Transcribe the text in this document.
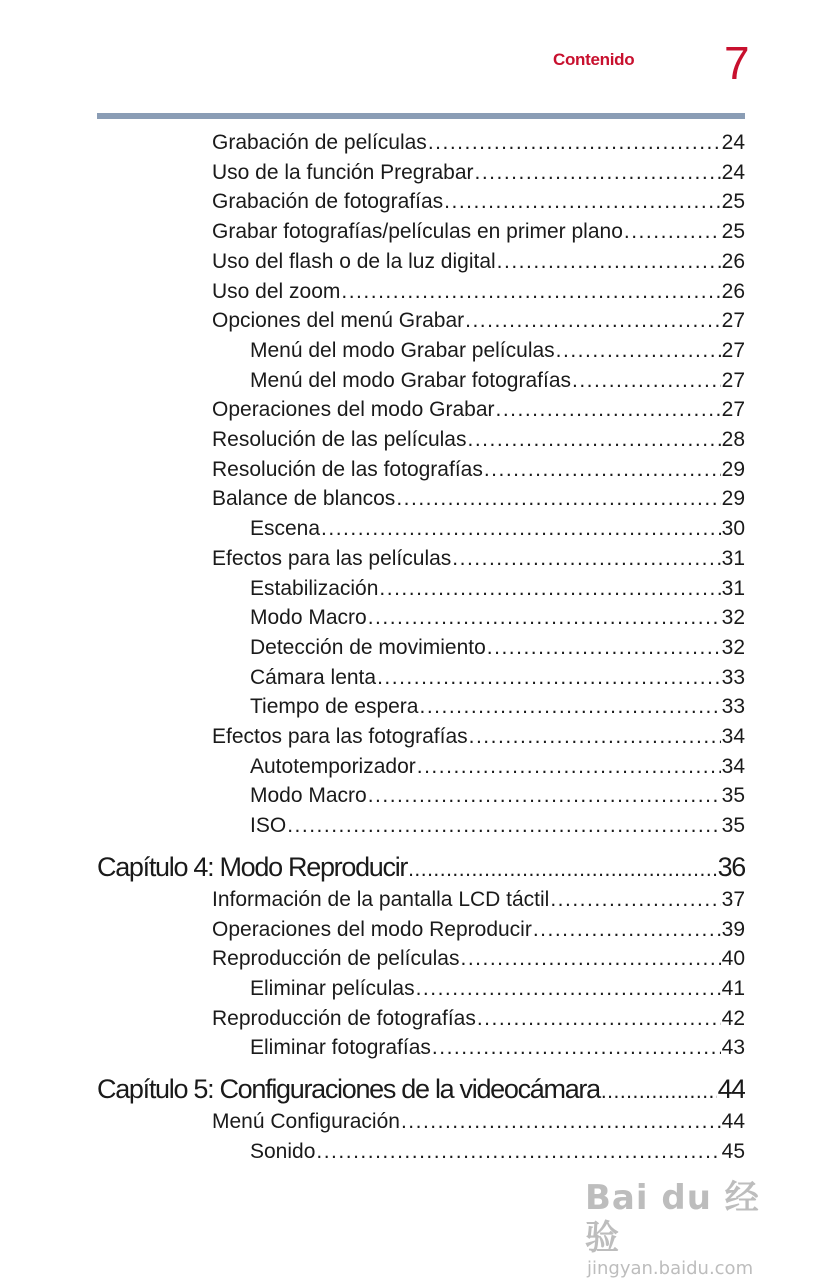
Contenido 7
Grabación de películas .....	24
Uso de la función Pregrabar .....	24
Grabación de fotografías .....	25
Grabar fotografías/películas en primer plano .....	25
Uso del flash o de la luz digital .....	26
Uso del zoom .....	26
Opciones del menú Grabar .....	27
Menú del modo Grabar películas .....	27
Menú del modo Grabar fotografías .....	27
Operaciones del modo Grabar .....	27
Resolución de las películas .....	28
Resolución de las fotografías .....	29
Balance de blancos .....	29
Escena .....	30
Efectos para las películas .....	31
Estabilización .....	31
Modo Macro .....	32
Detección de movimiento .....	32
Cámara lenta .....	33
Tiempo de espera .....	33
Efectos para las fotografías .....	34
Autotemporizador .....	34
Modo Macro .....	35
ISO .....	35
Capítulo 4: Modo Reproducir .....	36
Información de la pantalla LCD táctil .....	37
Operaciones del modo Reproducir .....	39
Reproducción de películas .....	40
Eliminar películas .....	41
Reproducción de fotografías .....	42
Eliminar fotografías .....	43
Capítulo 5: Configuraciones de la videocámara .....	44
Menú Configuración .....	44
Sonido .....	45
Bai du 经验
jingyan.baidu.com
